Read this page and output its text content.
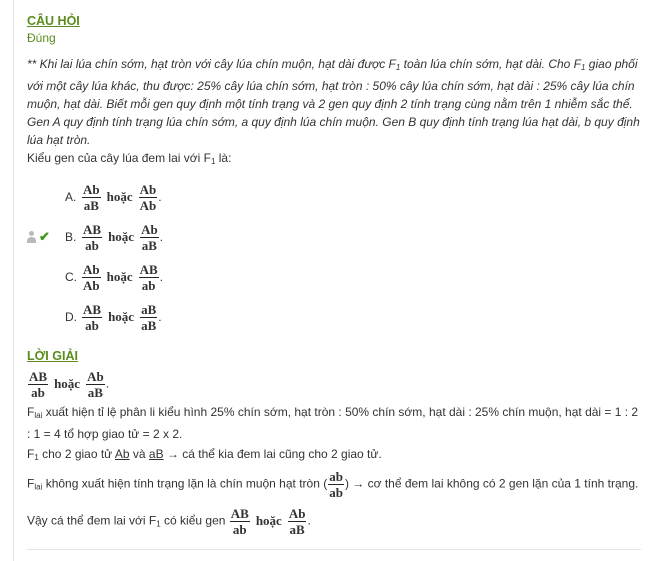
CÂU HỎI
Đúng
** Khi lai lúa chín sớm, hạt tròn với cây lúa chín muộn, hạt dài được $F_1$ toàn lúa chín sớm, hạt dài. Cho $F_1$ giao phối với một cây lúa khác, thu được: 25% cây lúa chín sớm, hạt tròn : 50% cây lúa chín sớm, hạt dài : 25% cây lúa chín muộn, hạt dài. Biết mỗi gen quy định một tính trạng và 2 gen quy định 2 tính trạng cùng nằm trên 1 nhiễm sắc thể. Gen A quy định tính trạng lúa chín sớm, a quy định lúa chín muộn. Gen B quy định tính trạng lúa hạt dài, b quy định lúa hạt tròn.
Kiểu gen của cây lúa đem lai với $F_1$ là:
A. $\frac{Ab}{aB}$ hoặc $\frac{Ab}{Ab}$ .
✔ B. $\frac{AB}{ab}$ hoặc $\frac{Ab}{aB}$ .
C. $\frac{Ab}{Ab}$ hoặc $\frac{AB}{ab}$ .
D. $\frac{AB}{ab}$ hoặc $\frac{aB}{aB}$ .
LỜI GIẢI
$\frac{AB}{ab}$ hoặc $\frac{Ab}{aB}$ .
$F_{lai}$ xuất hiện tỉ lệ phân li kiểu hình 25% chín sớm, hạt tròn : 50% chín sớm, hạt dài : 25% chín muộn, hạt dài = 1 : 2 : 1 = 4 tổ hợp giao tử = 2 x 2.
$F_1$ cho 2 giao tử Ab và aB → cá thể kia đem lai cũng cho 2 giao tử.
$F_{lai}$ không xuất hiện tính trạng lặn là chín muộn hạt tròn ( $\frac{ab}{ab}$ ) → cơ thể đem lai không có 2 gen lặn của 1 tính trạng.
Vậy cá thể đem lai với $F_1$ có kiểu gen $\frac{AB}{ab}$ hoặc $\frac{Ab}{aB}$ .
